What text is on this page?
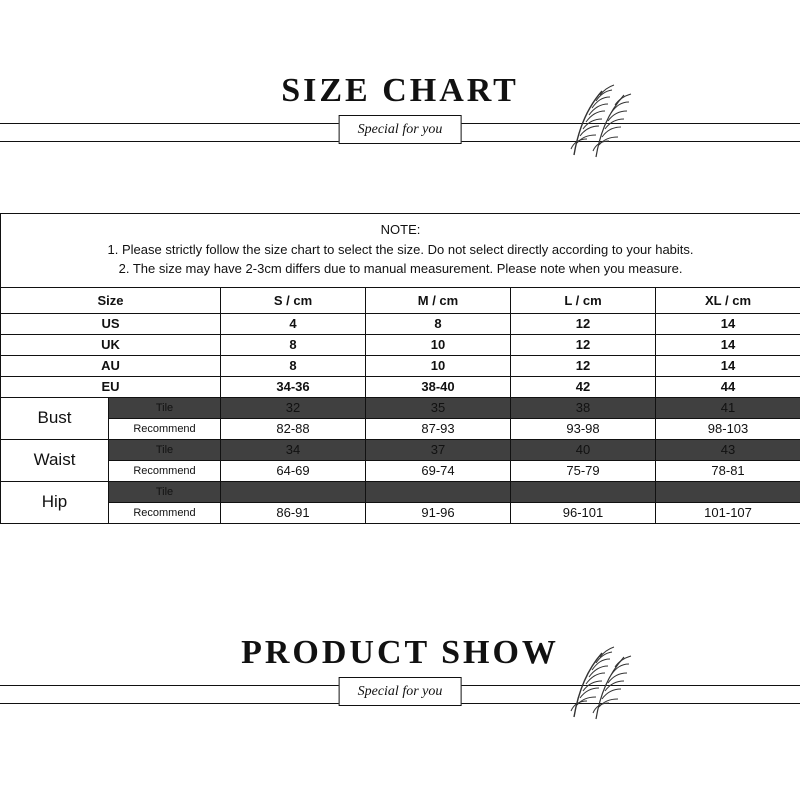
SIZE CHART
Special for you
NOTE:
1. Please strictly follow the size chart to select the size. Do not select directly according to your habits.
2. The size may have 2-3cm differs due to manual measurement. Please note when you measure.					

Size		S / cm	M / cm	L / cm	XL / cm
US		4	8	12	14
UK		8	10	12	14
AU		8	10	12	14
EU		34-36	38-40	42	44
Bust	Tile	32	35	38	41
	Recommend	82-88	87-93	93-98	98-103
Waist	Tile	34	37	40	43
	Recommend	64-69	69-74	75-79	78-81
Hip	Tile				
	Recommend	86-91	91-96	96-101	101-107
PRODUCT SHOW
Special for you
